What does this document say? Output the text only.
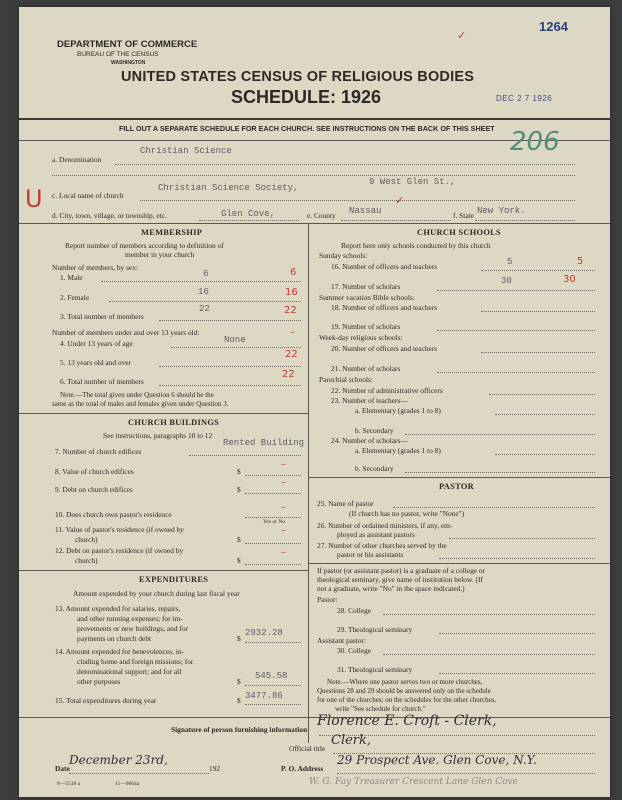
1264
✓
DEPARTMENT OF COMMERCE
BUREAU OF THE CENSUS
WASHINGTON
UNITED STATES CENSUS OF RELIGIOUS BODIES
SCHEDULE: 1926	DEC 2 7 1926
FILL OUT A SEPARATE SCHEDULE FOR EACH CHURCH. SEE INSTRUCTIONS ON THE BACK OF THIS SHEET 206
a. Denomination
Christian Science
U c. Local name of church
Christian Science Society,
9 West Glen St.,
d. City, town, village, or township, etc.	Glen Cove,	e. County Nassau
✓
f. State New York.
MEMBERSHIP
Report number of members according to definition of
member in your church
Number of members, by sex:
1. Male	6	6
2. Female
16	16
3. Total number of members
22	22
Number of members under and over 13 years old:
4. Under 13 years of age	None
–
5. 13 years old and over
22
6. Total number of members
22
Note.—The total given under Question 6 should be the
same as the total of males and females given under Question 3.
CHURCH BUILDINGS
See instructions, paragraphs 10 to 12
7. Number of church edifices
Rented Building
8. Value of church edifices	$
–
9. Debt on church edifices	$
–
10. Does church own pastor's residence
–
Yes or No
11. Value of pastor's residence (if owned by
church)	$
–
12. Debt on pastor's residence (if owned by
church)	$
–
EXPENDITURES
Amount expended by your church during last fiscal year
13. Amount expended for salaries, repairs,
and other running expenses; for im-
provements or new buildings; and for
payments on church debt	$
2932.28
14. Amount expended for benevolences, in-
cluding home and foreign missions; for
denominational support; and for all
other purposes	$
545.58
15. Total expenditures during year	$ 3477.86
CHURCH SCHOOLS
Report here only schools conducted by this church
Sunday schools:
16. Number of officers and teachers	5	5
17. Number of scholars
30	30
Summer vacation Bible schools:
18. Number of officers and teachers
19. Number of scholars
Week-day religious schools:
20. Number of officers and teachers
21. Number of scholars
Parochial schools:
22. Number of administrative officers
23. Number of teachers—
a. Elementary (grades 1 to 8)
b. Secondary
24. Number of scholars—
a. Elementary (grades 1 to 8)
b. Secondary
PASTOR
25. Name of pastor
(If church has no pastor, write "None")
26. Number of ordained ministers, if any, em-
ployed as assistant pastors
27. Number of other churches served by the
pastor or his assistants
If pastor (or assistant pastor) is a graduate of a college or
theological seminary, give name of institution below. (If
not a graduate, write "No" in the space indicated.)
Pastor:
28. College
29. Theological seminary
Assistant pastor:
30. College
31. Theological seminary
Note.—Where one pastor serves two or more churches,
Questions 28 and 29 should be answered only on the schedule
for one of the churches; on the schedules for the other churches,
write "See schedule for church."
Signature of person furnishing information
Florence E. Croft - Clerk,
Official title
Clerk,
Date
December 23rd,
192	P. O. Address
29 Prospect Ave. Glen Cove, N.Y.
8—5518 a	11—9064a	W. G. Fay Treasurer Crescent Lane Glen Cove
